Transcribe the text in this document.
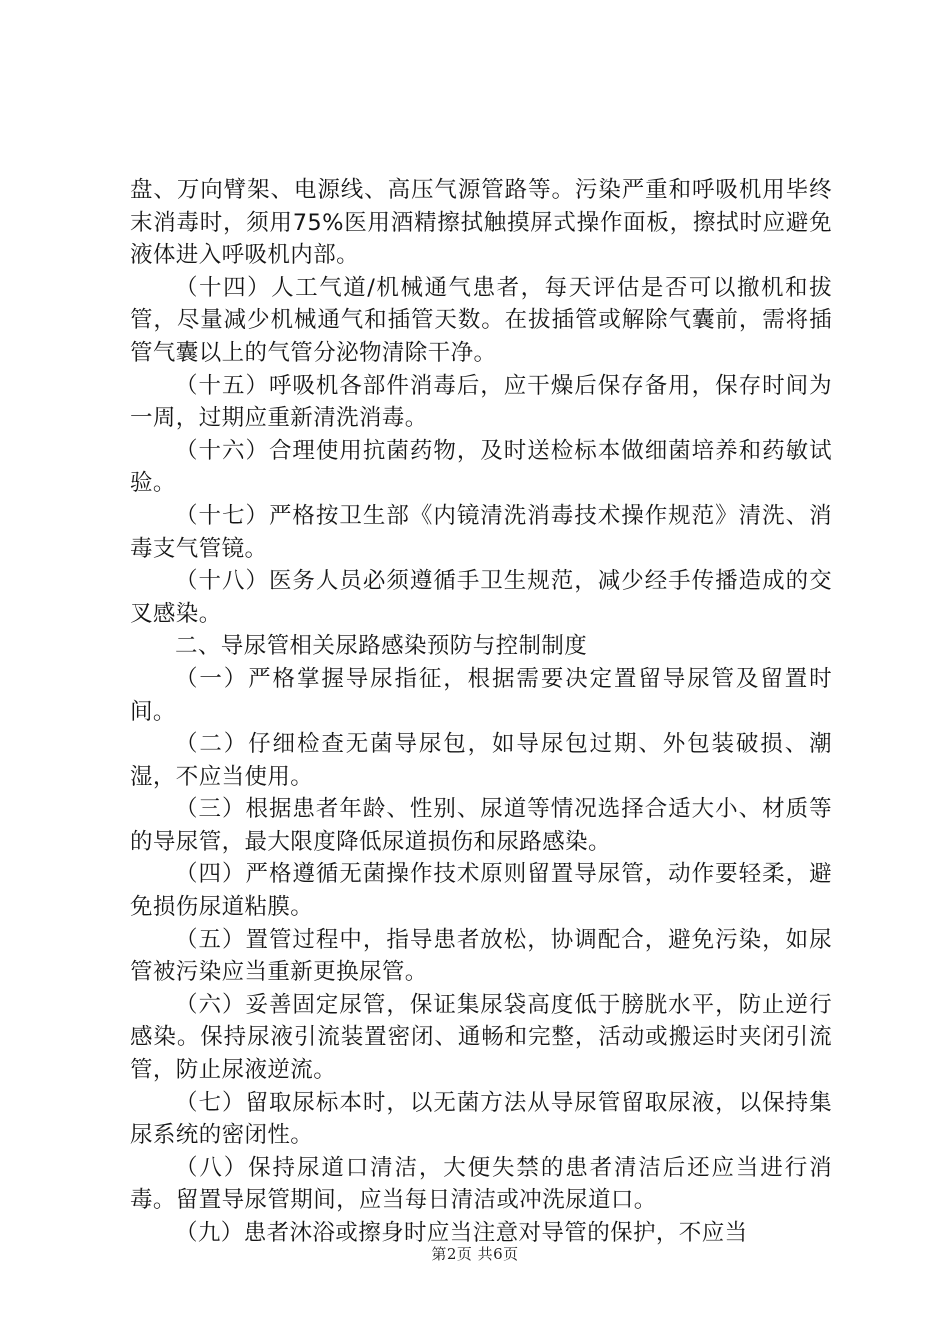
盘、万向臂架、电源线、高压气源管路等。污染严重和呼吸机用毕终末消毒时，须用75%医用酒精擦拭触摸屏式操作面板，擦拭时应避免液体进入呼吸机内部。

（十四）人工气道/机械通气患者，每天评估是否可以撤机和拔管，尽量减少机械通气和插管天数。在拔插管或解除气囊前，需将插管气囊以上的气管分泌物清除干净。

（十五）呼吸机各部件消毒后，应干燥后保存备用，保存时间为一周，过期应重新清洗消毒。

（十六）合理使用抗菌药物，及时送检标本做细菌培养和药敏试验。

（十七）严格按卫生部《内镜清洗消毒技术操作规范》清洗、消毒支气管镜。

（十八）医务人员必须遵循手卫生规范，减少经手传播造成的交叉感染。

二、导尿管相关尿路感染预防与控制制度

（一）严格掌握导尿指征，根据需要决定置留导尿管及留置时间。

（二）仔细检查无菌导尿包，如导尿包过期、外包装破损、潮湿，不应当使用。

（三）根据患者年龄、性别、尿道等情况选择合适大小、材质等的导尿管，最大限度降低尿道损伤和尿路感染。

（四）严格遵循无菌操作技术原则留置导尿管，动作要轻柔，避免损伤尿道粘膜。

（五）置管过程中，指导患者放松，协调配合，避免污染，如尿管被污染应当重新更换尿管。

（六）妥善固定尿管，保证集尿袋高度低于膀胱水平，防止逆行感染。保持尿液引流装置密闭、通畅和完整，活动或搬运时夹闭引流管，防止尿液逆流。

（七）留取尿标本时，以无菌方法从导尿管留取尿液，以保持集尿系统的密闭性。

（八）保持尿道口清洁，大便失禁的患者清洁后还应当进行消毒。留置导尿管期间，应当每日清洁或冲洗尿道口。

（九）患者沐浴或擦身时应当注意对导管的保护，不应当

第2页 共6页
